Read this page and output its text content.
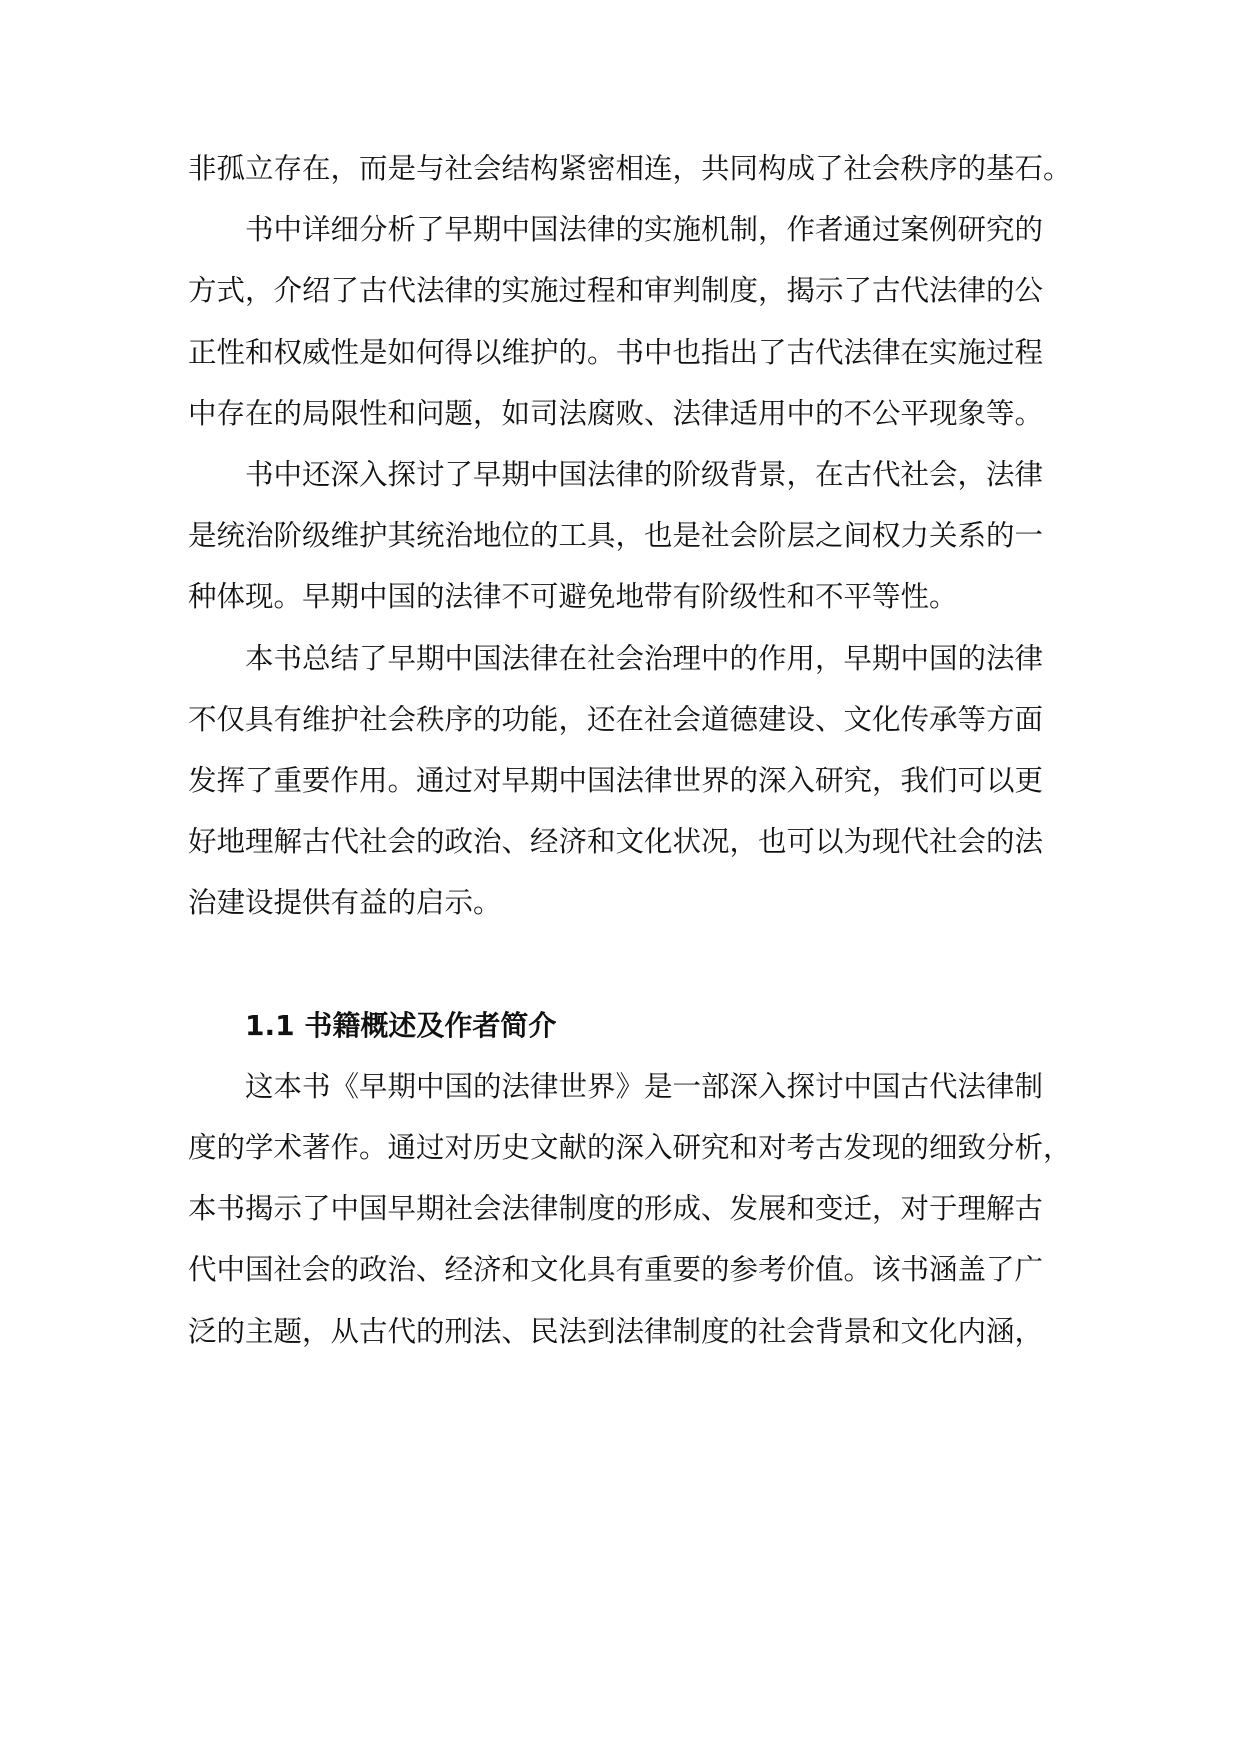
非孤立存在，而是与社会结构紧密相连，共同构成了社会秩序的基石。
　　书中详细分析了早期中国法律的实施机制，作者通过案例研究的
方式，介绍了古代法律的实施过程和审判制度，揭示了古代法律的公
正性和权威性是如何得以维护的。书中也指出了古代法律在实施过程
中存在的局限性和问题，如司法腐败、法律适用中的不公平现象等。
　　书中还深入探讨了早期中国法律的阶级背景，在古代社会，法律
是统治阶级维护其统治地位的工具，也是社会阶层之间权力关系的一
种体现。早期中国的法律不可避免地带有阶级性和不平等性。
　　本书总结了早期中国法律在社会治理中的作用，早期中国的法律
不仅具有维护社会秩序的功能，还在社会道德建设、文化传承等方面
发挥了重要作用。通过对早期中国法律世界的深入研究，我们可以更
好地理解古代社会的政治、经济和文化状况，也可以为现代社会的法
治建设提供有益的启示。
1.1 书籍概述及作者简介
　　这本书《早期中国的法律世界》是一部深入探讨中国古代法律制
度的学术著作。通过对历史文献的深入研究和对考古发现的细致分析，
本书揭示了中国早期社会法律制度的形成、发展和变迁，对于理解古
代中国社会的政治、经济和文化具有重要的参考价值。该书涵盖了广
泛的主题，从古代的刑法、民法到法律制度的社会背景和文化内涵，
